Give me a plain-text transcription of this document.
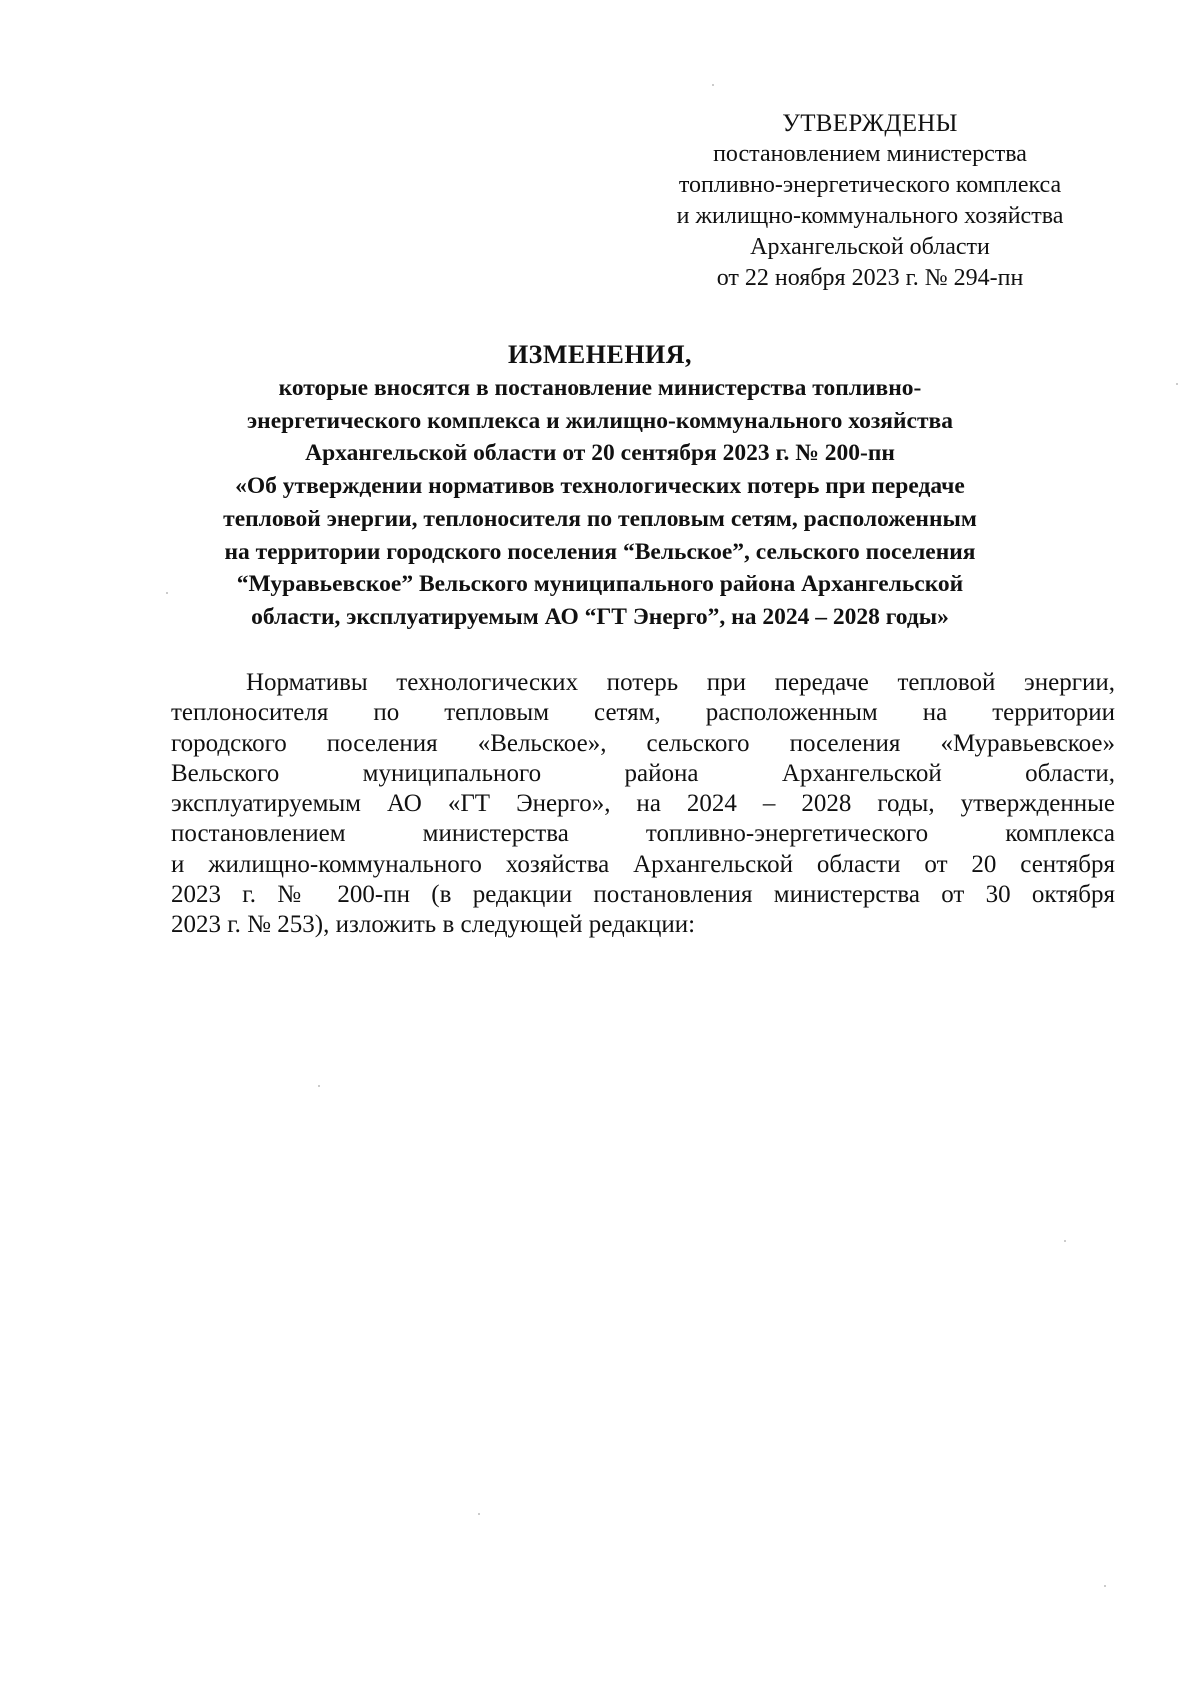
УТВЕРЖДЕНЫ
постановлением министерства
топливно-энергетического комплекса
и жилищно-коммунального хозяйства
Архангельской области
от 22 ноября 2023 г. № 294-пн
ИЗМЕНЕНИЯ,
которые вносятся в постановление министерства топливно-
энергетического комплекса и жилищно-коммунального хозяйства
Архангельской области от 20 сентября 2023 г. № 200-пн
«Об утверждении нормативов технологических потерь при передаче
тепловой энергии, теплоносителя по тепловым сетям, расположенным
на территории городского поселения “Вельское”, сельского поселения
“Муравьевское” Вельского муниципального района Архангельской
области, эксплуатируемым АО “ГТ Энерго”, на 2024 – 2028 годы»
Нормативы технологических потерь при передаче тепловой энергии,
теплоносителя по тепловым сетям, расположенным на территории
городского поселения «Вельское», сельского поселения «Муравьевское»
Вельского муниципального района Архангельской области,
эксплуатируемым АО «ГТ Энерго», на 2024 – 2028 годы, утвержденные
постановлением министерства топливно-энергетического комплекса
и жилищно-коммунального хозяйства Архангельской области от 20 сентября
2023 г. № 200-пн (в редакции постановления министерства от 30 октября
2023 г. № 253), изложить в следующей редакции:
